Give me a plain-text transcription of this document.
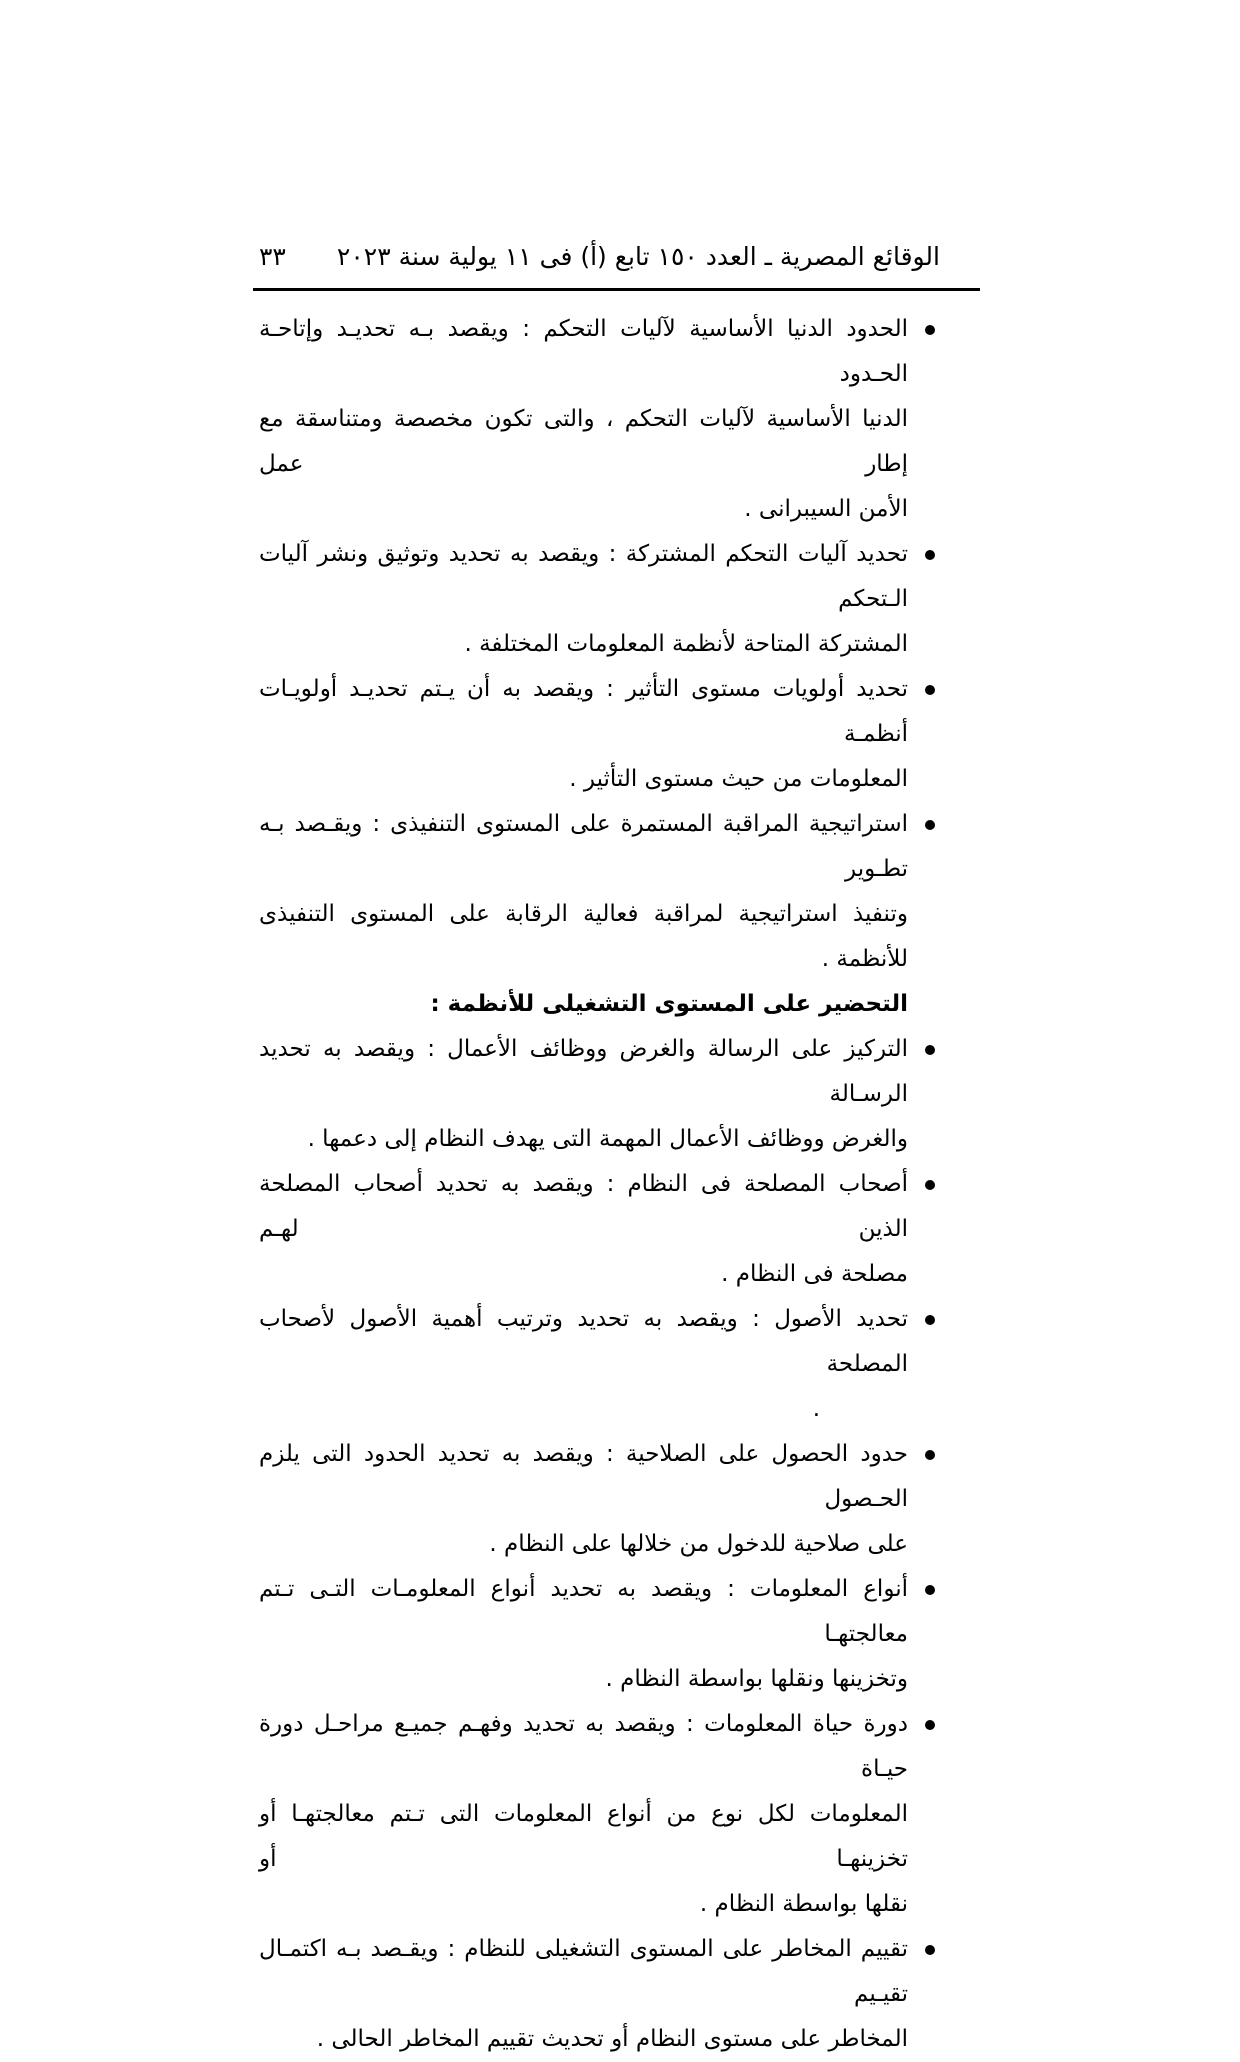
الوقائع المصرية ـ العدد ١٥٠ تابع (أ) فى ١١ يولية سنة ٢٠٢٣
٣٣
الحدود الدنيا الأساسية لآليات التحكم : ويقصد بـه تحديـد وإتاحـة الحـدود
الدنيا الأساسية لآليات التحكم ، والتى تكون مخصصة ومتناسقة مع إطار عمل
الأمن السيبرانى .
تحديد آليات التحكم المشتركة : ويقصد به تحديد وتوثيق ونشر آليات الـتحكم
المشتركة المتاحة لأنظمة المعلومات المختلفة .
تحديد أولويات مستوى التأثير : ويقصد به أن يـتم تحديـد أولويـات أنظمـة
المعلومات من حيث مستوى التأثير .
استراتيجية المراقبة المستمرة على المستوى التنفيذى : ويقـصد بـه تطـوير
وتنفيذ استراتيجية لمراقبة فعالية الرقابة على المستوى التنفيذى للأنظمة .
التحضير على المستوى التشغيلى للأنظمة :
التركيز على الرسالة والغرض ووظائف الأعمال : ويقصد به تحديد الرسـالة
والغرض ووظائف الأعمال المهمة التى يهدف النظام إلى دعمها .
أصحاب المصلحة فى النظام : ويقصد به تحديد أصحاب المصلحة الذين لهـم
مصلحة فى النظام .
تحديد الأصول : ويقصد به تحديد وترتيب أهمية الأصول لأصحاب المصلحة
.
حدود الحصول على الصلاحية : ويقصد به تحديد الحدود التى يلزم الحـصول
على صلاحية للدخول من خلالها على النظام .
أنواع المعلومات : ويقصد به تحديد أنواع المعلومـات التـى تـتم معالجتهـا
وتخزينها ونقلها بواسطة النظام .
دورة حياة المعلومات : ويقصد به تحديد وفهـم جميـع مراحـل دورة حيـاة
المعلومات لكل نوع من أنواع المعلومات التى تـتم معالجتهـا أو تخزينهـا أو
نقلها بواسطة النظام .
تقييم المخاطر على المستوى التشغيلى للنظام : ويقـصد بـه اكتمـال تقيـيم
المخاطر على مستوى النظام أو تحديث تقييم المخاطر الحالى .
